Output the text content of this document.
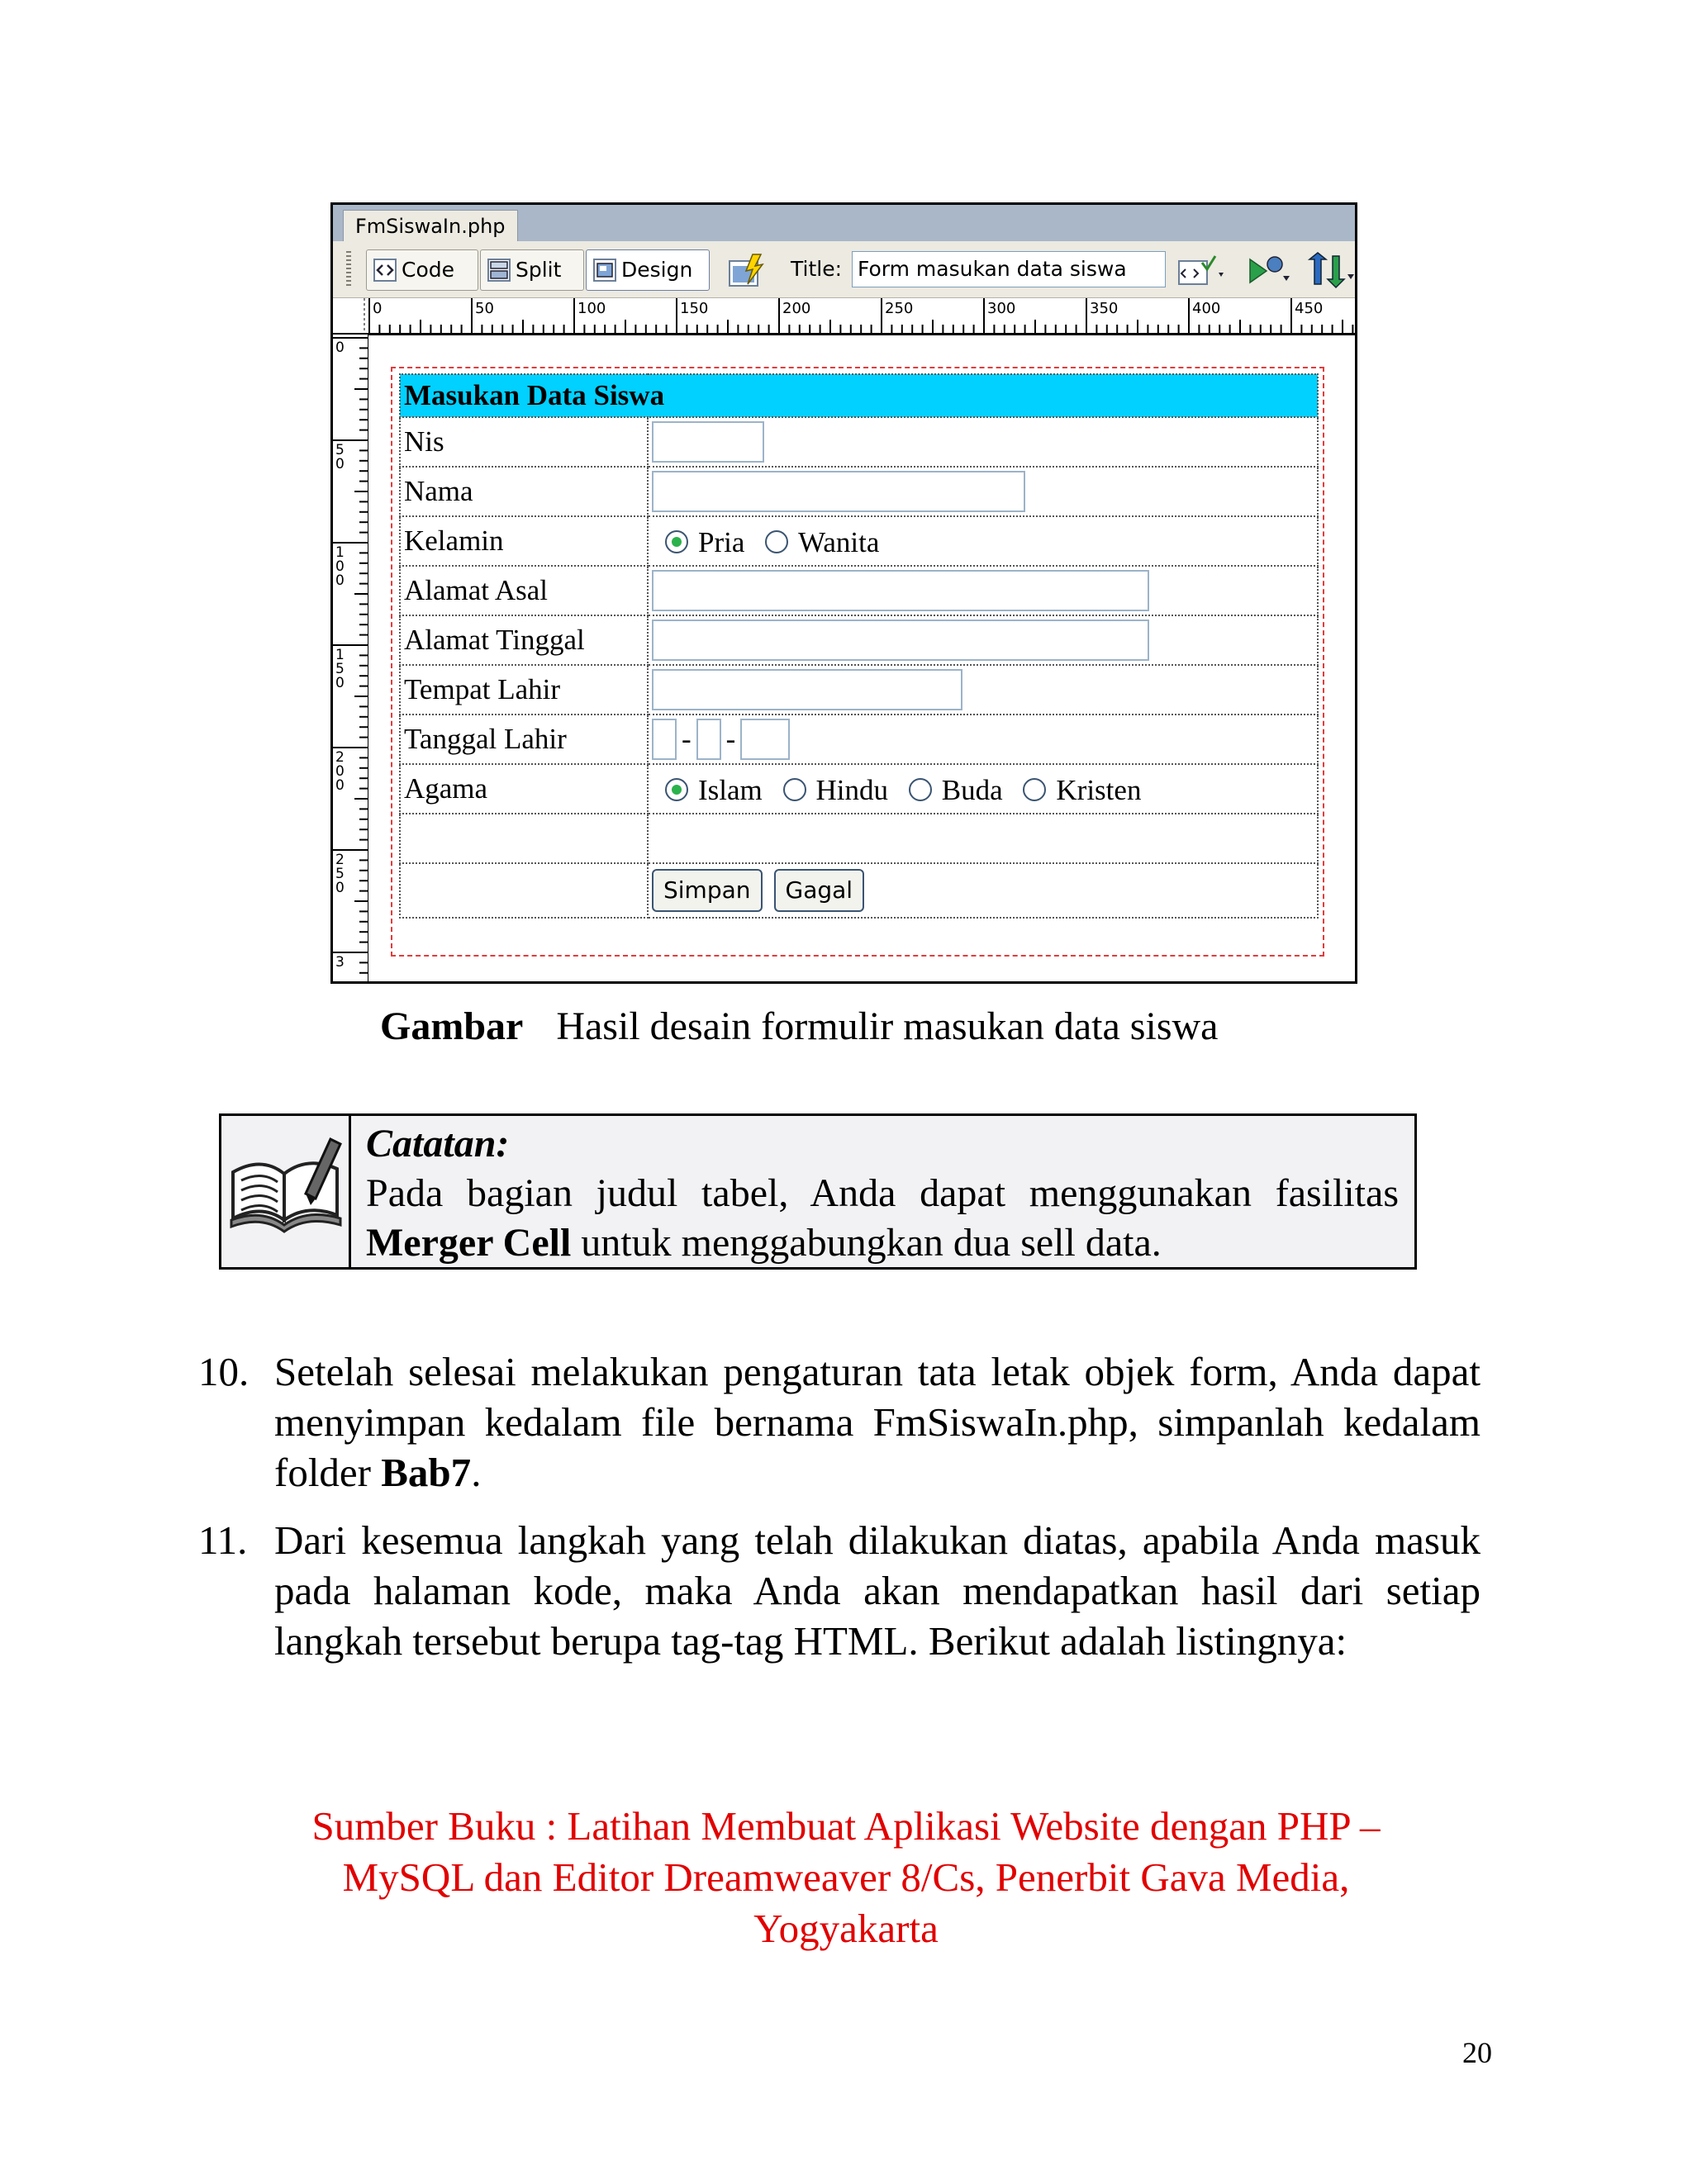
FmSiswaIn.php
Code	Split	Design	Title: Form masukan data siswa
0	50	100	150	200	250	300	350	400	450
0
50
100
150
200
250
3
Masukan Data Siswa	
Nis	
Nama	
Kelamin	Pria Wanita
Alamat Asal	
Alamat Tinggal	
Tempat Lahir	
Tanggal Lahir	- -
Agama	Islam Hindu Buda Kristen

	Simpan Gagal
Gambar Hasil desain formulir masukan data siswa
Catatan:
Pada bagian judul tabel, Anda dapat menggunakan fasilitas Merger Cell untuk menggabungkan dua sell data.
10. Setelah selesai melakukan pengaturan tata letak objek form, Anda dapat menyimpan kedalam file bernama FmSiswaIn.php, simpanlah kedalam folder Bab7.
11. Dari kesemua langkah yang telah dilakukan diatas, apabila Anda masuk pada halaman kode, maka Anda akan mendapatkan hasil dari setiap langkah tersebut berupa tag-tag HTML. Berikut adalah listingnya:
Sumber Buku : Latihan Membuat Aplikasi Website dengan PHP –
MySQL dan Editor Dreamweaver 8/Cs, Penerbit Gava Media,
Yogyakarta
20
